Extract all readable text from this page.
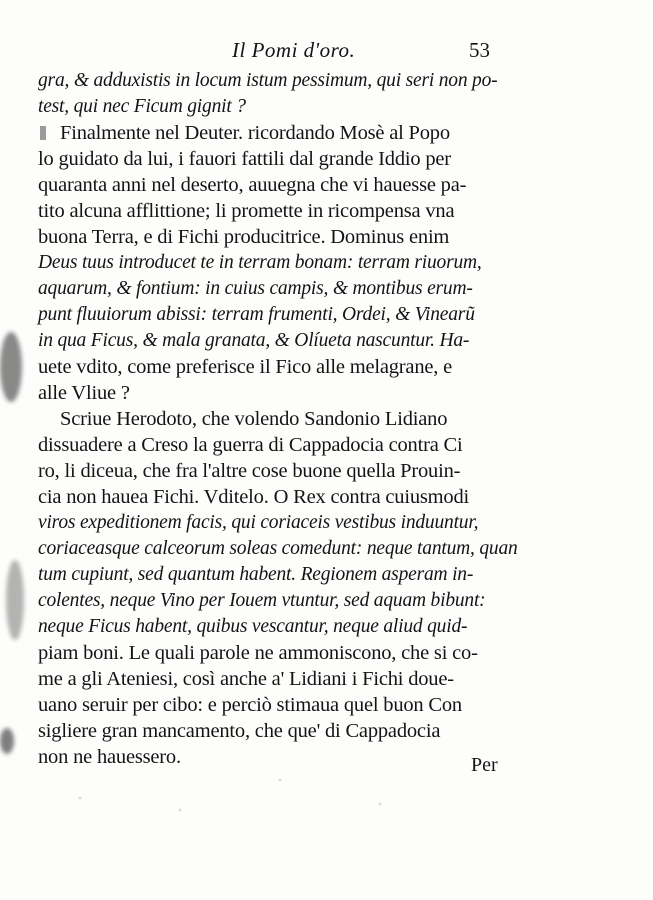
Il Pomi d'oro.	53
gra, & adduxistis in locum istum pessimum, qui seri non po-
test, qui nec Ficum gignit ?
Finalmente nel Deuter. ricordando Mosè al Popo
lo guidato da lui, i fauori fattili dal grande Iddio per
quaranta anni nel deserto, auuegna che vi hauesse pa-
tito alcuna afflittione; li promette in ricompensa vna
buona Terra, e di Fichi producitrice. Dominus enim
Deus tuus introducet te in terram bonam: terram riuorum,
aquarum, & fontium: in cuius campis, & montibus erum-
punt fluuiorum abissi: terram frumenti, Ordei, & Vinearũ
in qua Ficus, & mala granata, & Olíueta nascuntur. Ha-
uete vdito, come preferisce il Fico alle melagrane, e
alle Vliue ?
Scriue Herodoto, che volendo Sandonio Lidiano
dissuadere a Creso la guerra di Cappadocia contra Ci
ro, li diceua, che fra l'altre cose buone quella Prouin-
cia non hauea Fichi. Vditelo. O Rex contra cuiusmodi
viros expeditionem facis, qui coriaceis vestibus induuntur,
coriaceasque calceorum soleas comedunt: neque tantum, quan
tum cupiunt, sed quantum habent. Regionem asperam in-
colentes, neque Vino per Iouem vtuntur, sed aquam bibunt:
neque Ficus habent, quibus vescantur, neque aliud quid-
piam boni. Le quali parole ne ammoniscono, che si co-
me a gli Ateniesi, così anche a' Lidiani i Fichi doue-
uano seruir per cibo: e perciò stimaua quel buon Con
sigliere gran mancamento, che que' di Cappadocia
non ne hauessero.	Per
